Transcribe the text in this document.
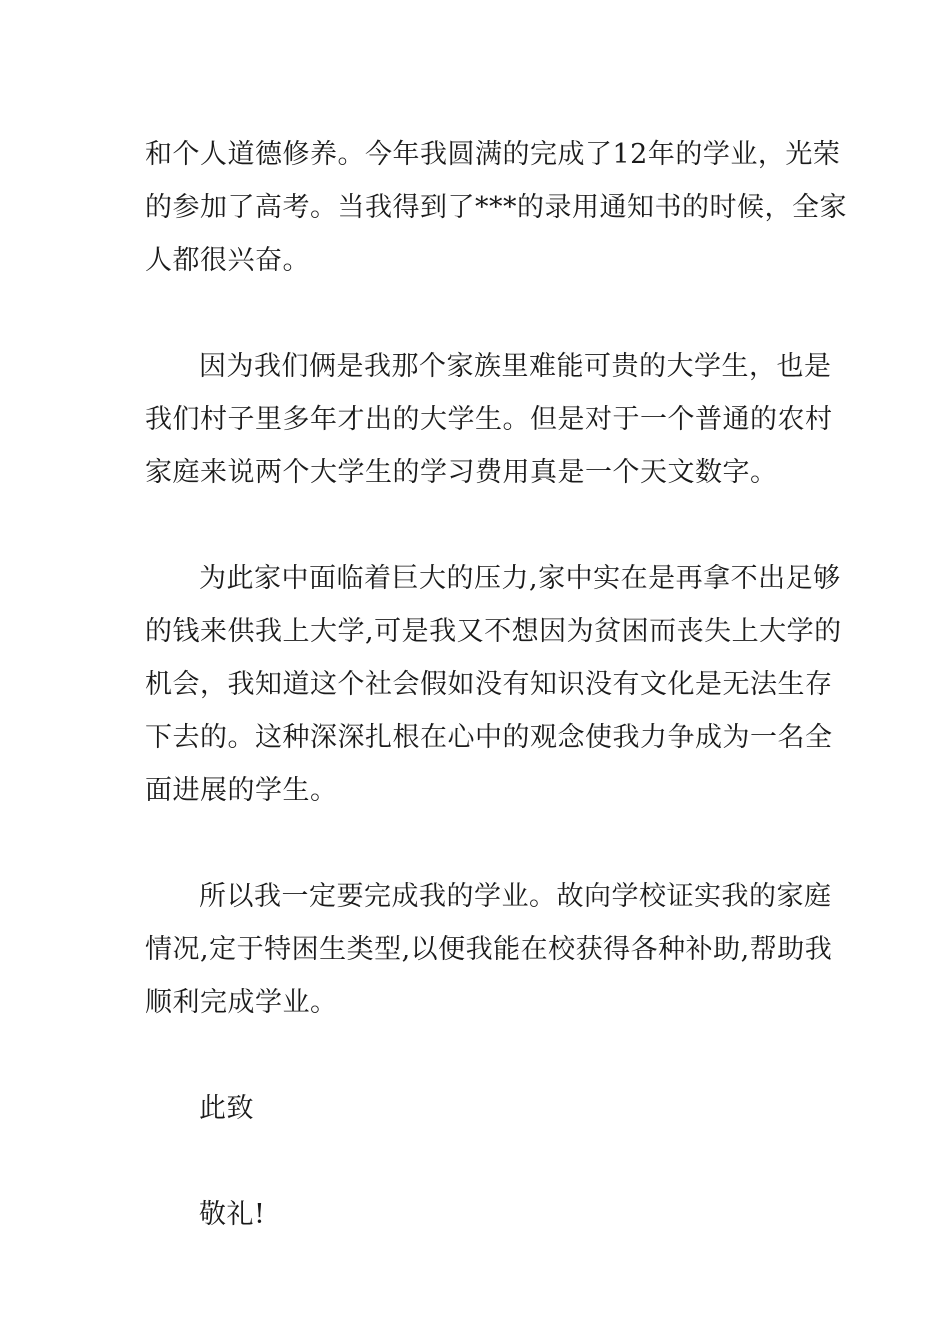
和个人道德修养。今年我圆满的完成了12年的学业，光荣
的参加了高考。当我得到了***的录用通知书的时候，全家
人都很兴奋。
因为我们俩是我那个家族里难能可贵的大学生，也是
我们村子里多年才出的大学生。但是对于一个普通的农村
家庭来说两个大学生的学习费用真是一个天文数字。
为此家中面临着巨大的压力,家中实在是再拿不出足够
的钱来供我上大学,可是我又不想因为贫困而丧失上大学的
机会，我知道这个社会假如没有知识没有文化是无法生存
下去的。这种深深扎根在心中的观念使我力争成为一名全
面进展的学生。
所以我一定要完成我的学业。故向学校证实我的家庭
情况,定于特困生类型,以便我能在校获得各种补助,帮助我
顺利完成学业。
此致
敬礼!
